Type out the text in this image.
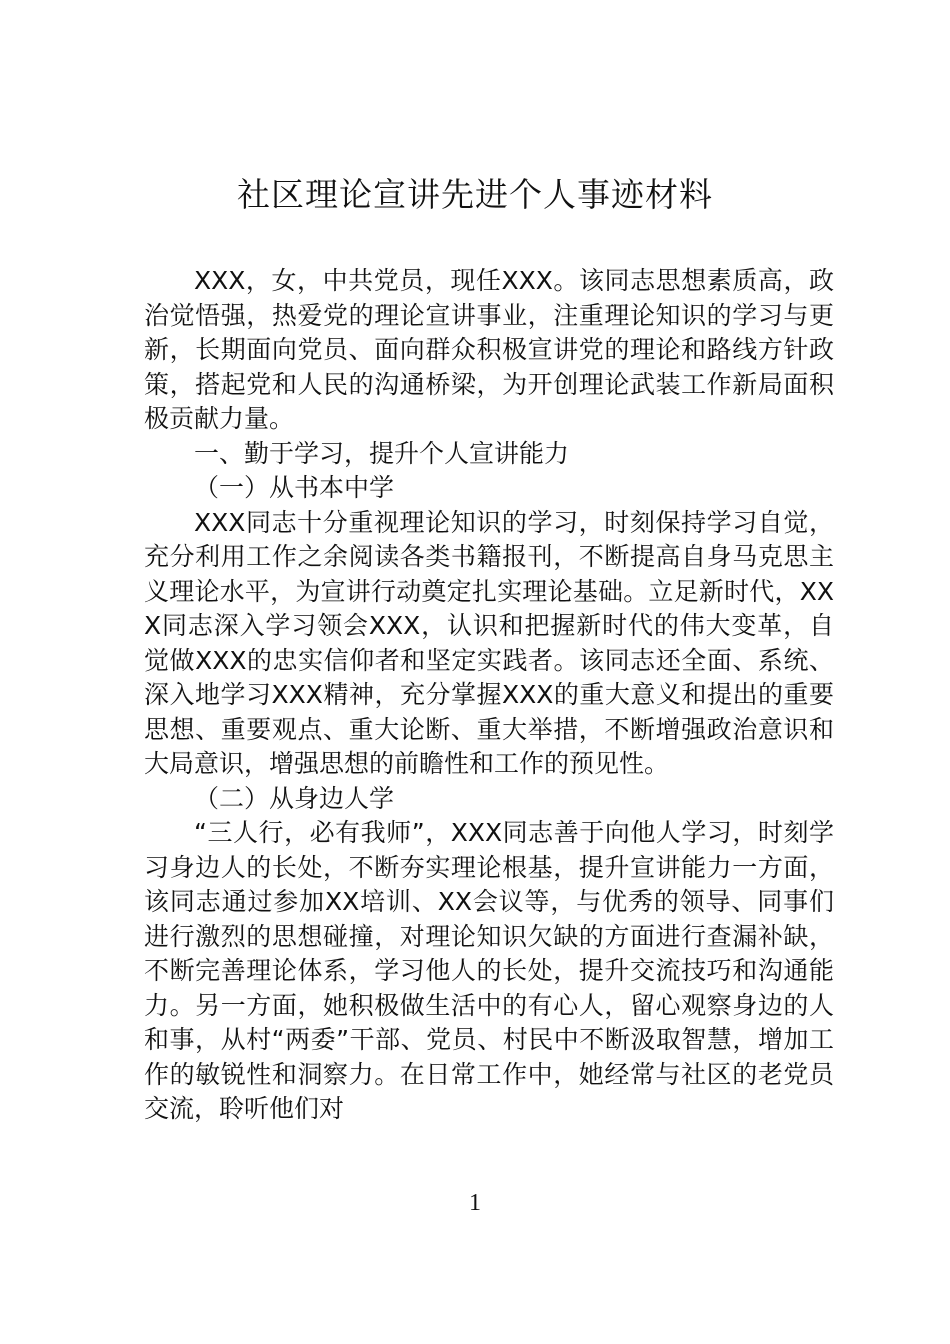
社区理论宣讲先进个人事迹材料

XXX，女，中共党员，现任XXX。该同志思想素质高，政治觉悟强，热爱党的理论宣讲事业，注重理论知识的学习与更新，长期面向党员、面向群众积极宣讲党的理论和路线方针政策，搭起党和人民的沟通桥梁，为开创理论武装工作新局面积极贡献力量。

一、勤于学习，提升个人宣讲能力

（一）从书本中学

XXX同志十分重视理论知识的学习，时刻保持学习自觉，充分利用工作之余阅读各类书籍报刊，不断提高自身马克思主义理论水平，为宣讲行动奠定扎实理论基础。立足新时代，XXX同志深入学习领会XXX，认识和把握新时代的伟大变革，自觉做XXX的忠实信仰者和坚定实践者。该同志还全面、系统、深入地学习XXX精神，充分掌握XXX的重大意义和提出的重要思想、重要观点、重大论断、重大举措，不断增强政治意识和大局意识，增强思想的前瞻性和工作的预见性。

（二）从身边人学

“三人行，必有我师”，XXX同志善于向他人学习，时刻学习身边人的长处，不断夯实理论根基，提升宣讲能力一方面，该同志通过参加XX培训、XX会议等，与优秀的领导、同事们进行激烈的思想碰撞，对理论知识欠缺的方面进行查漏补缺，不断完善理论体系，学习他人的长处，提升交流技巧和沟通能力。另一方面，她积极做生活中的有心人，留心观察身边的人和事，从村“两委”干部、党员、村民中不断汲取智慧，增加工作的敏锐性和洞察力。在日常工作中，她经常与社区的老党员交流，聆听他们对

1
